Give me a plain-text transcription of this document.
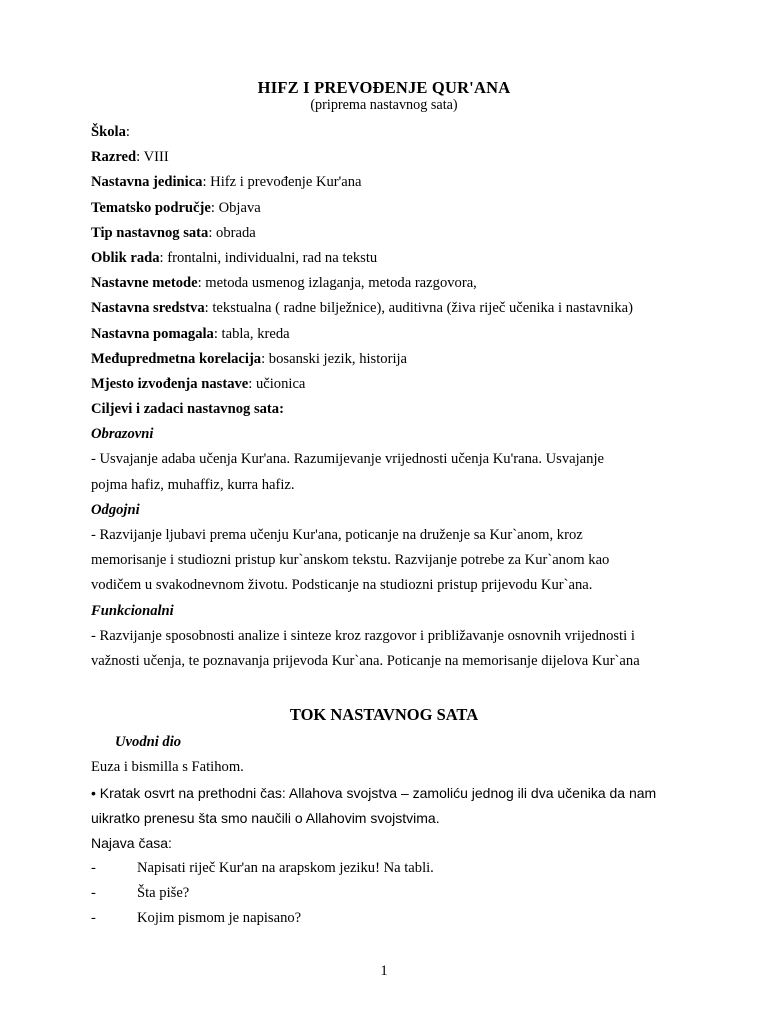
HIFZ I PREVOĐENJE QUR'ANA
(priprema nastavnog sata)
Škola:
Razred: VIII
Nastavna jedinica: Hifz i prevođenje Kur'ana
Tematsko područje: Objava
Tip nastavnog sata: obrada
Oblik rada: frontalni, individualni, rad na tekstu
Nastavne metode: metoda usmenog izlaganja, metoda razgovora,
Nastavna sredstva: tekstualna ( radne bilježnice), auditivna (živa riječ učenika i nastavnika)
Nastavna pomagala: tabla, kreda
Međupredmetna korelacija: bosanski jezik, historija
Mjesto izvođenja nastave: učionica
Ciljevi i zadaci nastavnog sata:
Obrazovni
- Usvajanje adaba učenja Kur'ana. Razumijevanje vrijednosti učenja Ku'rana. Usvajanje
pojma hafiz, muhaffiz, kurra hafiz.
Odgojni
- Razvijanje ljubavi prema učenju Kur'ana, poticanje na druženje sa Kur`anom, kroz
memorisanje i studiozni pristup kur`anskom tekstu. Razvijanje potrebe za Kur`anom kao
vodičem u svakodnevnom životu. Podsticanje na studiozni pristup prijevodu Kur`ana.
Funkcionalni
- Razvijanje sposobnosti analize i sinteze kroz razgovor i približavanje osnovnih vrijednosti i
važnosti učenja, te poznavanja prijevoda Kur`ana. Poticanje na memorisanje dijelova Kur`ana
TOK NASTAVNOG SATA
Uvodni dio
Euza i bismilla s Fatihom.
• Kratak osvrt na prethodni čas: Allahova svojstva – zamoliću jednog ili dva učenika da nam
uikratko prenesu šta smo naučili o Allahovim svojstvima.
Najava časa:
-	Napisati riječ Kur'an na arapskom jeziku! Na tabli.
-	Šta piše?
-	Kojim pismom je napisano?
1
